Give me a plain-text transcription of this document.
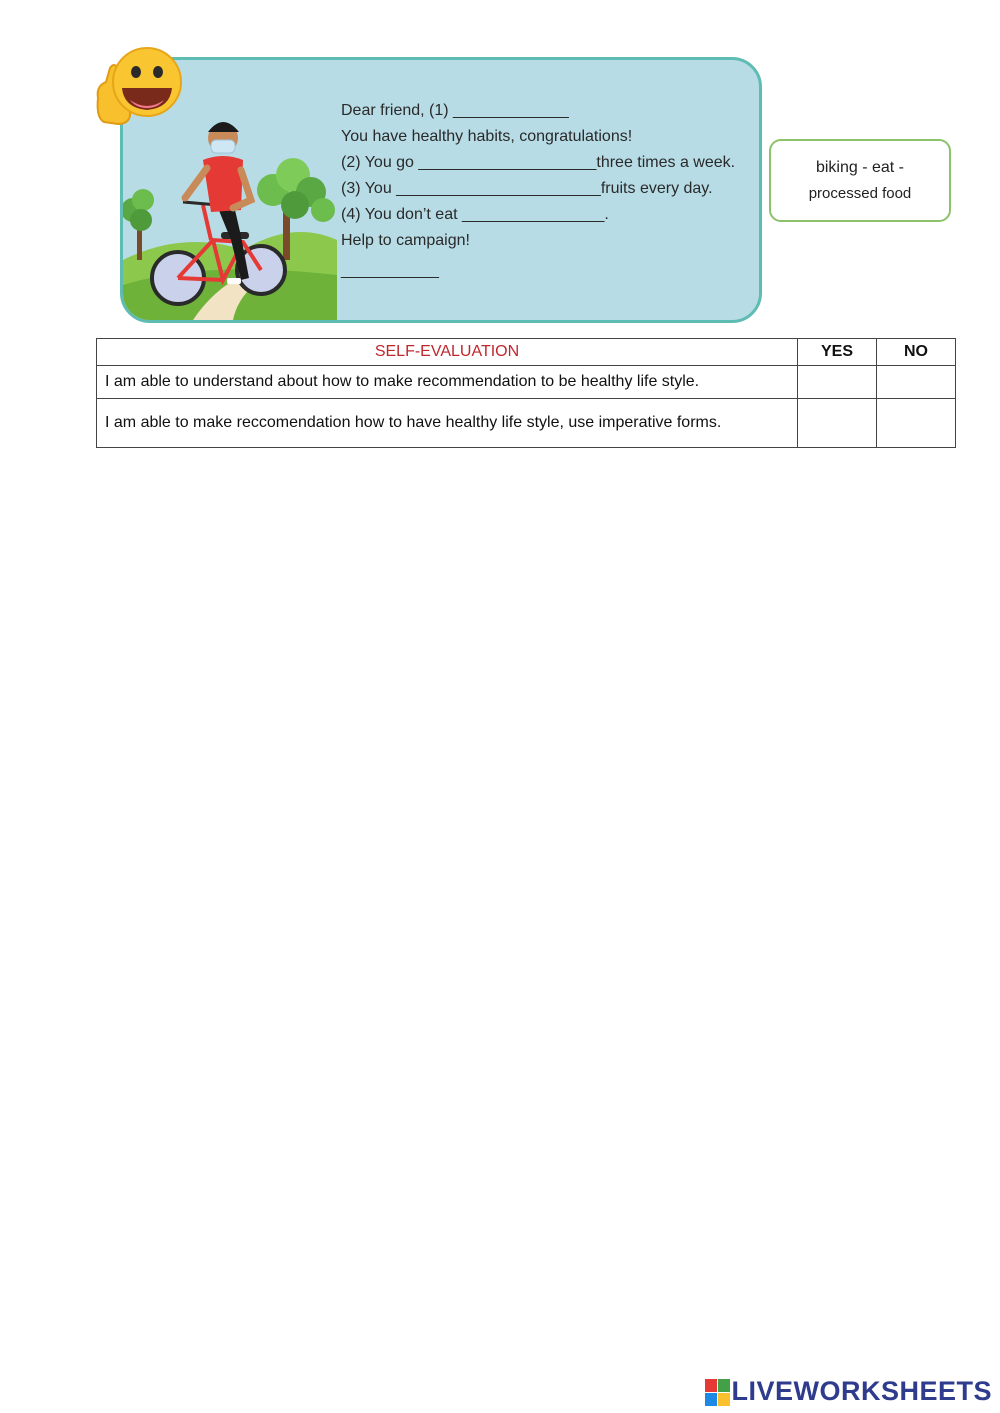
Dear friend, (1) _____________
You have healthy habits, congratulations!
(2) You go ____________________three times a week.
(3) You _______________________fruits every day.
(4) You don’t eat ________________.
Help to campaign!
___________
biking - eat -
processed food
SELF-EVALUATION	YES	NO
I am able to understand about how to make recommendation to be healthy life style.		
I am able to make reccomendation how to have healthy life style, use imperative forms.		
LIVEWORKSHEETS
